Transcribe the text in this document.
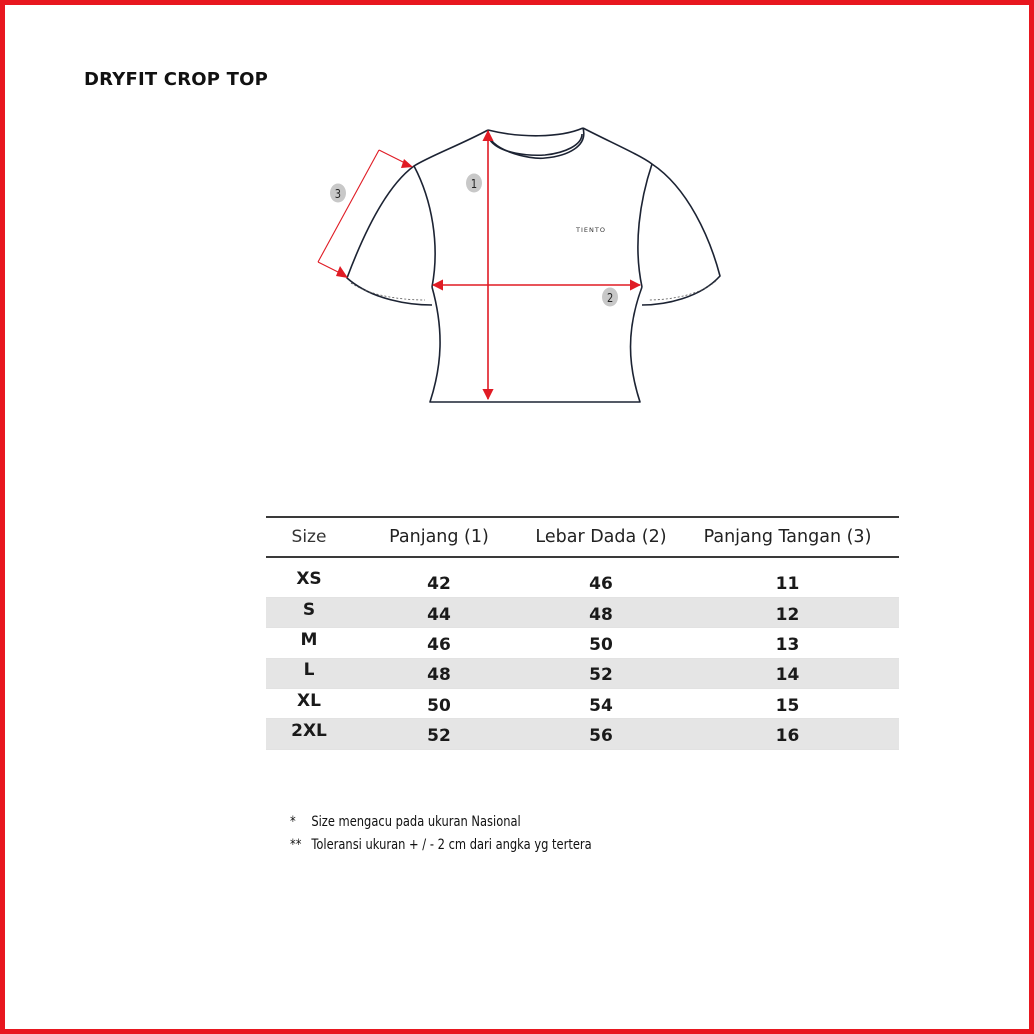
DRYFIT CROP TOP
TIENTO
1
2
3
Size	Panjang (1)	Lebar Dada (2)	Panjang Tangan (3)

XS	42	46	11
S	44	48	12
M	46	50	13
L	48	52	14
XL	50	54	15
2XL	52	56	16
* Size mengacu pada ukuran Nasional
** Toleransi ukuran + / - 2 cm dari angka yg tertera
